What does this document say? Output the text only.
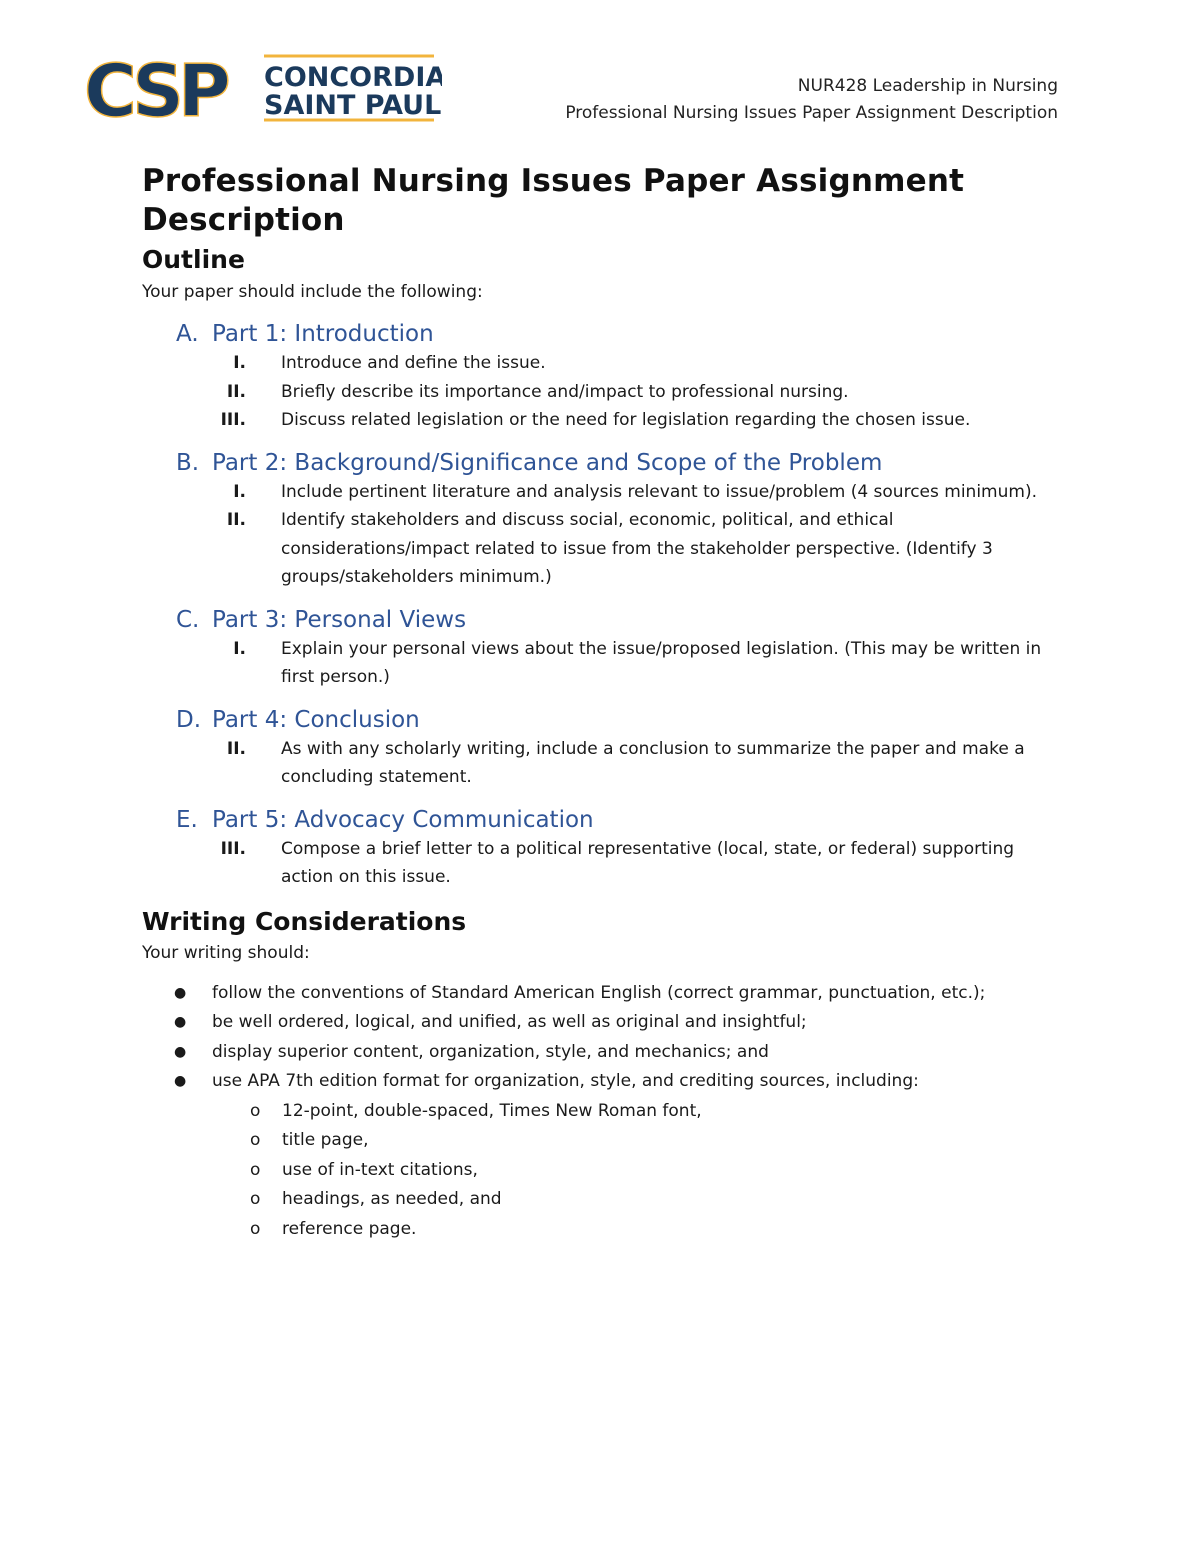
CSP CONCORDIA
SAINT PAUL
NUR428 Leadership in Nursing
Professional Nursing Issues Paper Assignment Description
Professional Nursing Issues Paper Assignment
Description
Outline

Your paper should include the following:

A. Part 1: Introduction
I.	Introduce and define the issue.
II.	Briefly describe its importance and/impact to professional nursing.
III.	Discuss related legislation or the need for legislation regarding the chosen issue.
B. Part 2: Background/Significance and Scope of the Problem
I.	Include pertinent literature and analysis relevant to issue/problem (4 sources minimum).
II.	Identify stakeholders and discuss social, economic, political, and ethical considerations/impact related to issue from the stakeholder perspective. (Identify 3 groups/stakeholders minimum.)
C. Part 3: Personal Views
I.	Explain your personal views about the issue/proposed legislation. (This may be written in first person.)
D. Part 4: Conclusion
II.	As with any scholarly writing, include a conclusion to summarize the paper and make a concluding statement.
E. Part 5: Advocacy Communication
III.	Compose a brief letter to a political representative (local, state, or federal) supporting action on this issue.
Writing Considerations

Your writing should:

●	follow the conventions of Standard American English (correct grammar, punctuation, etc.);
●	be well ordered, logical, and unified, as well as original and insightful;
●	display superior content, organization, style, and mechanics; and
●	use APA 7th edition format for organization, style, and crediting sources, including:
o	12-point, double-spaced, Times New Roman font,
o	title page,
o	use of in-text citations,
o	headings, as needed, and
o	reference page.
